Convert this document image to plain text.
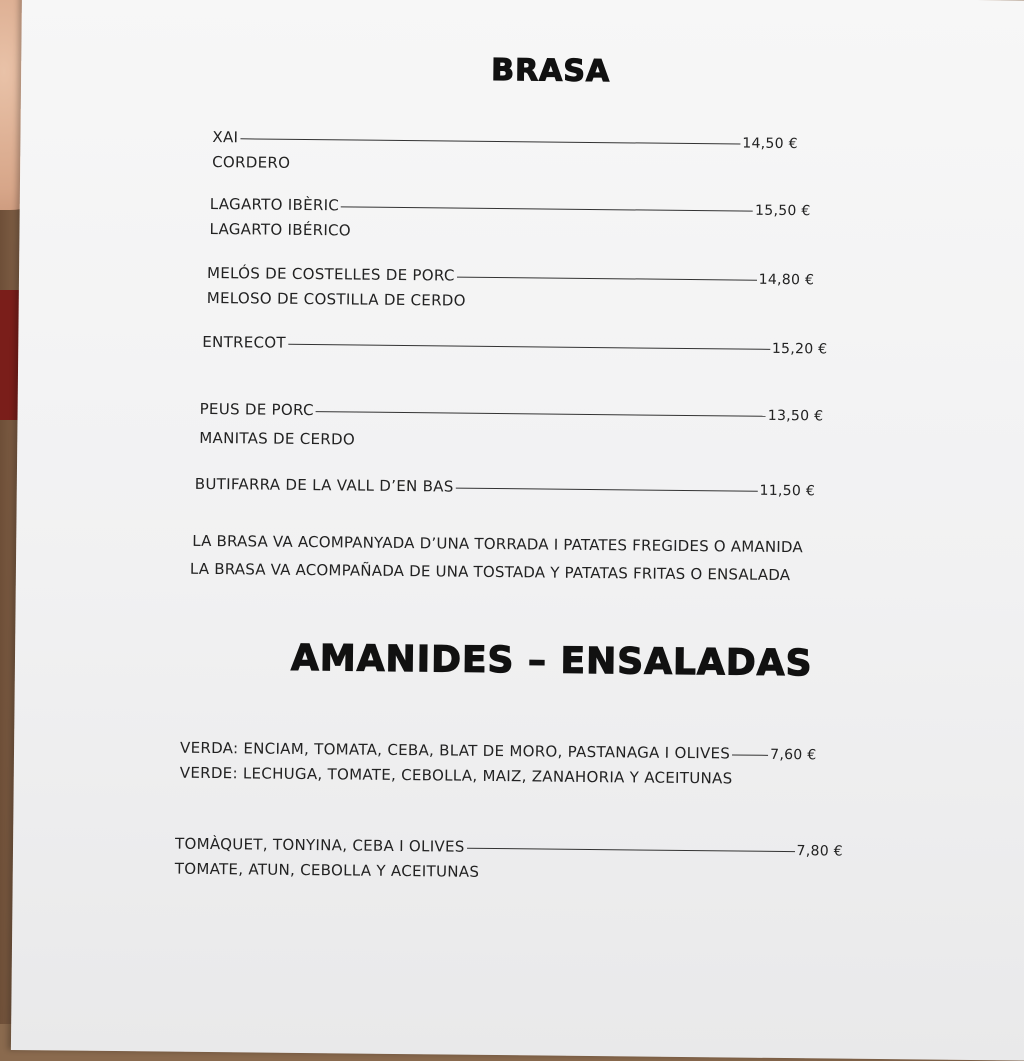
BRASA
XAI	14,50 €
CORDERO
LAGARTO IBÈRIC	15,50 €
LAGARTO IBÉRICO
MELÓS DE COSTELLES DE PORC	14,80 €
MELOSO DE COSTILLA DE CERDO
ENTRECOT	15,20 €
PEUS DE PORC	13,50 €
MANITAS DE CERDO
BUTIFARRA DE LA VALL D’EN BAS	11,50 €
LA BRASA VA ACOMPANYADA D’UNA TORRADA I PATATES FREGIDES O AMANIDA
LA BRASA VA ACOMPAÑADA DE UNA TOSTADA Y PATATAS FRITAS O ENSALADA
AMANIDES – ENSALADAS
VERDA: ENCIAM, TOMATA, CEBA, BLAT DE MORO, PASTANAGA I OLIVES	7,60 €
VERDE: LECHUGA, TOMATE, CEBOLLA, MAIZ, ZANAHORIA Y ACEITUNAS
TOMÀQUET, TONYINA, CEBA I OLIVES	7,80 €
TOMATE, ATUN, CEBOLLA Y ACEITUNAS
